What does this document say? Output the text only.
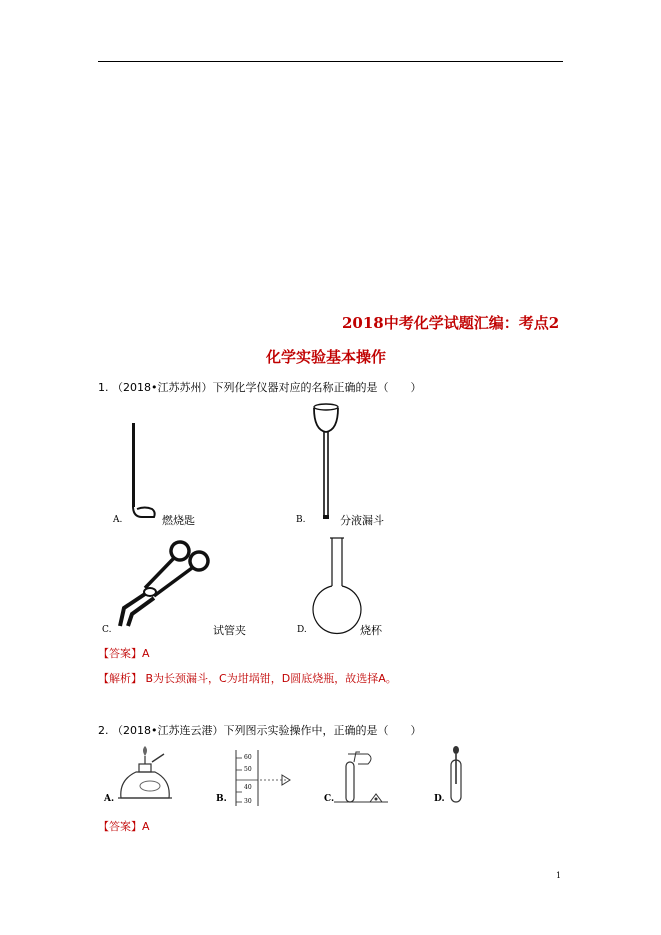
2018中考化学试题汇编：考点2
化学实验基本操作
1. （2018•江苏苏州）下列化学仪器对应的名称正确的是（　　）
A.	燃烧匙	B.	分液漏斗
C.	试管夹	D.	烧杯
【答案】A
【解析】 B为长颈漏斗，C为坩埚钳，D圆底烧瓶，故选择A。
2. （2018•江苏连云港）下列图示实验操作中，正确的是（　　）
A.
60
50
40
30
B.	C.	D.
【答案】A
1
